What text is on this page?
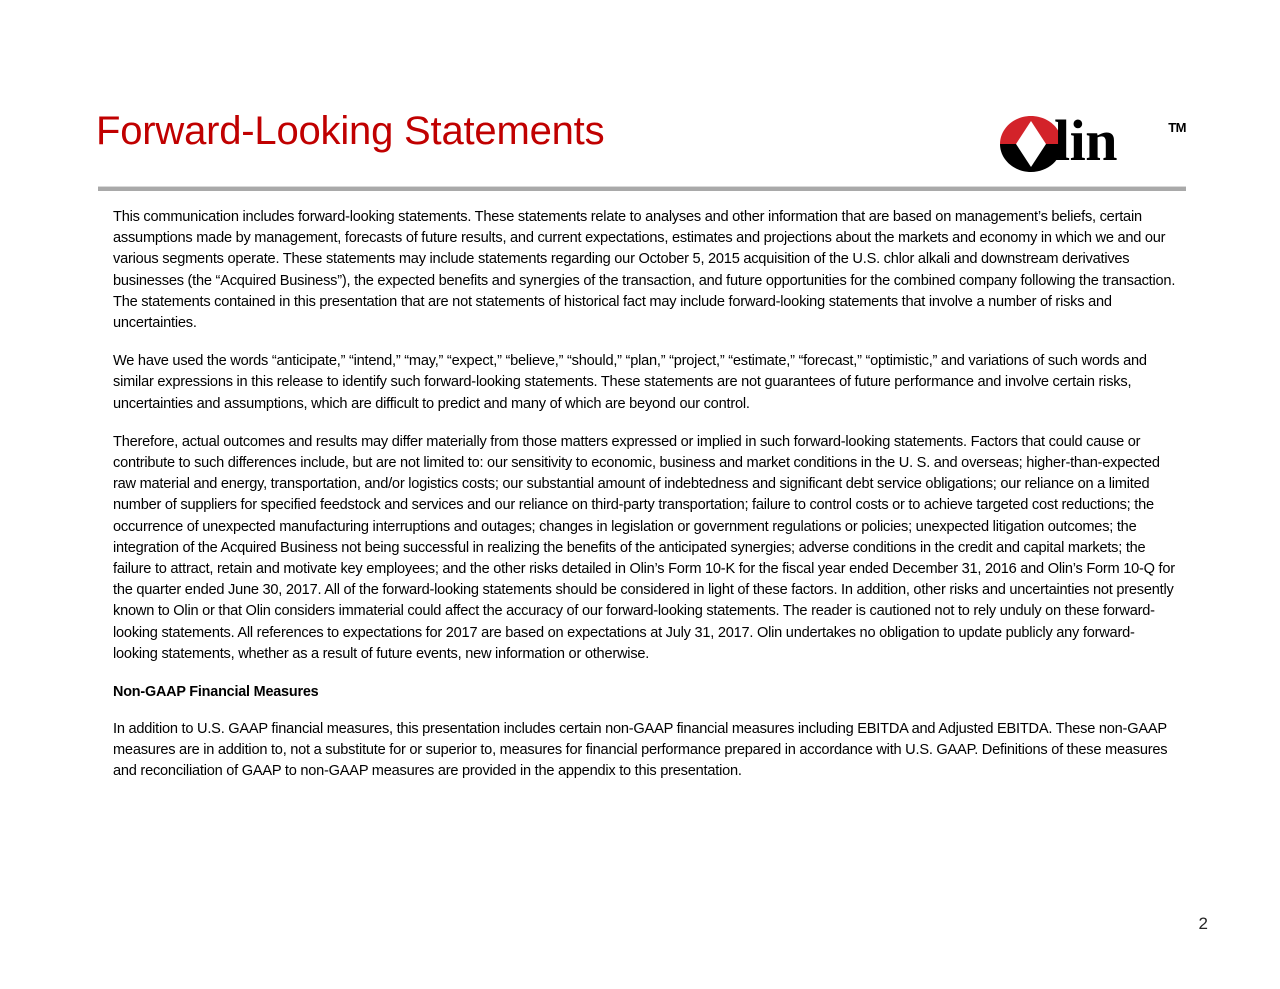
Forward-Looking Statements	lin	TM

This communication includes forward-looking statements. These statements relate to analyses and other information that are based on management’s beliefs, certain assumptions made by management, forecasts of future results, and current expectations, estimates and projections about the markets and economy in which we and our various segments operate. These statements may include statements regarding our October 5, 2015 acquisition of the U.S. chlor alkali and downstream derivatives businesses (the “Acquired Business”), the expected benefits and synergies of the transaction, and future opportunities for the combined company following the transaction. The statements contained in this presentation that are not statements of historical fact may include forward-looking statements that involve a number of risks and uncertainties.

We have used the words “anticipate,” “intend,” “may,” “expect,” “believe,” “should,” “plan,” “project,” “estimate,” “forecast,” “optimistic,” and variations of such words and similar expressions in this release to identify such forward-looking statements. These statements are not guarantees of future performance and involve certain risks, uncertainties and assumptions, which are difficult to predict and many of which are beyond our control.

Therefore, actual outcomes and results may differ materially from those matters expressed or implied in such forward-looking statements. Factors that could cause or contribute to such differences include, but are not limited to: our sensitivity to economic, business and market conditions in the U. S. and overseas; higher-than-expected raw material and energy, transportation, and/or logistics costs; our substantial amount of indebtedness and significant debt service obligations; our reliance on a limited number of suppliers for specified feedstock and services and our reliance on third-party transportation; failure to control costs or to achieve targeted cost reductions; the occurrence of unexpected manufacturing interruptions and outages; changes in legislation or government regulations or policies; unexpected litigation outcomes; the integration of the Acquired Business not being successful in realizing the benefits of the anticipated synergies; adverse conditions in the credit and capital markets; the failure to attract, retain and motivate key employees; and the other risks detailed in Olin’s Form 10-K for the fiscal year ended December 31, 2016 and Olin’s Form 10-Q for the quarter ended June 30, 2017. All of the forward-looking statements should be considered in light of these factors. In addition, other risks and uncertainties not presently known to Olin or that Olin considers immaterial could affect the accuracy of our forward-looking statements. The reader is cautioned not to rely unduly on these forward-looking statements. All references to expectations for 2017 are based on expectations at July 31, 2017. Olin undertakes no obligation to update publicly any forward-looking statements, whether as a result of future events, new information or otherwise.

Non-GAAP Financial Measures

In addition to U.S. GAAP financial measures, this presentation includes certain non-GAAP financial measures including EBITDA and Adjusted EBITDA. These non-GAAP measures are in addition to, not a substitute for or superior to, measures for financial performance prepared in accordance with U.S. GAAP. Definitions of these measures and reconciliation of GAAP to non-GAAP measures are provided in the appendix to this presentation.

2
